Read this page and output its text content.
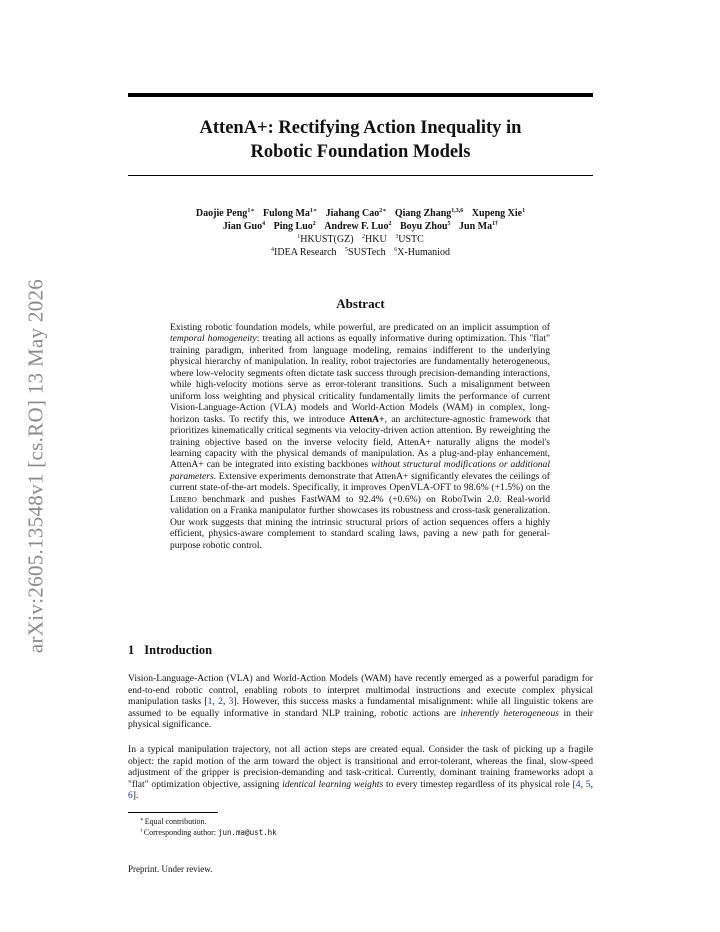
arXiv:2605.13548v1 [cs.RO] 13 May 2026
AttenA+: Rectifying Action Inequality in
Robotic Foundation Models
Daojie Peng$^{1∗}$ Fulong $Ma^{1∗}$ Jiahang Cao$^{2∗}$ Qiang Zhang$^{1,3,6}$ Xupeng Xie$^1$
Jian Guo$^4$ Ping Luo$^2$ Andrew F. Luo$^2$ Boyu Zhou$^5$ Jun $Ma^{1\dagger}$
$^1$HKUST(GZ) $^2$HKU $^3$USTC
$^4$IDEA Research $^5$SUSTech $^6$X-Humaniod
Abstract
Existing robotic foundation models, while powerful, are predicated on an implicit assumption of temporal homogeneity: treating all actions as equally informative during optimization. This "flat" training paradigm, inherited from language modeling, remains indifferent to the underlying physical hierarchy of manipulation. In reality, robot trajectories are fundamentally heterogeneous, where low-velocity segments often dictate task success through precision-demanding interactions, while high-velocity motions serve as error-tolerant transitions. Such a misalignment between uniform loss weighting and physical criticality fundamentally limits the performance of current Vision-Language-Action (VLA) models and World-Action Models (WAM) in complex, long-horizon tasks. To rectify this, we introduce AttenA+, an architecture-agnostic framework that prioritizes kinematically critical segments via velocity-driven action attention. By reweighting the training objective based on the inverse velocity field, AttenA+ naturally aligns the model's learning capacity with the physical demands of manipulation. As a plug-and-play enhancement, AttenA+ can be integrated into existing backbones without structural modifications or additional parameters. Extensive experiments demonstrate that AttenA+ significantly elevates the ceilings of current state-of-the-art models. Specifically, it improves OpenVLA-OFT to 98.6% (+1.5%) on the Libero benchmark and pushes FastWAM to 92.4% (+0.6%) on RoboTwin 2.0. Real-world validation on a Franka manipulator further showcases its robustness and cross-task generalization. Our work suggests that mining the intrinsic structural priors of action sequences offers a highly efficient, physics-aware complement to standard scaling laws, paving a new path for general-purpose robotic control.
1 Introduction
Vision-Language-Action (VLA) and World-Action Models (WAM) have recently emerged as a powerful paradigm for end-to-end robotic control, enabling robots to interpret multimodal instructions and execute complex physical manipulation tasks [1, 2, 3]. However, this success masks a fundamental misalignment: while all linguistic tokens are assumed to be equally informative in standard NLP training, robotic actions are inherently heterogeneous in their physical significance.
In a typical manipulation trajectory, not all action steps are created equal. Consider the task of picking up a fragile object: the rapid motion of the arm toward the object is transitional and error-tolerant, whereas the final, slow-speed adjustment of the gripper is precision-demanding and task-critical. Currently, dominant training frameworks adopt a "flat" optimization objective, assigning identical learning weights to every timestep regardless of its physical role [4, 5, 6].
∗Equal contribution.
†Corresponding author: jun.ma@ust.hk
Preprint. Under review.
